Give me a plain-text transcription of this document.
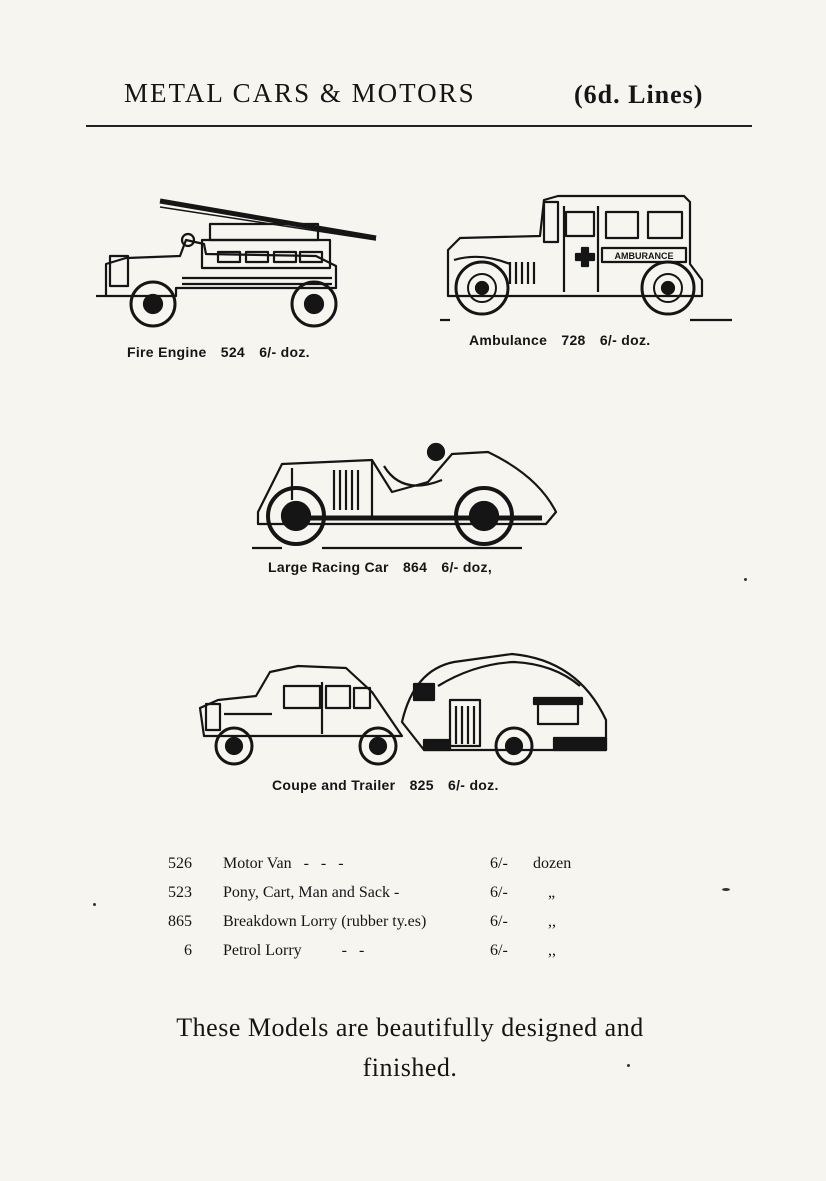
METAL CARS & MOTORS	(6d. Lines)
Fire Engine 524 6/- doz.
AMBURANCE
Ambulance 728 6/- doz.
Large Racing Car 864 6/- doz,
Coupe and Trailer 825 6/- doz.
526 Motor Van   -   -   -	6/- dozen
523 Pony, Cart, Man and Sack -	6/-	„
865 Breakdown Lorry (rubber ty.es)	6/-	,,
6 Petrol Lorry          -   -	6/-	,,
These Models are beautifully designed and
finished.
